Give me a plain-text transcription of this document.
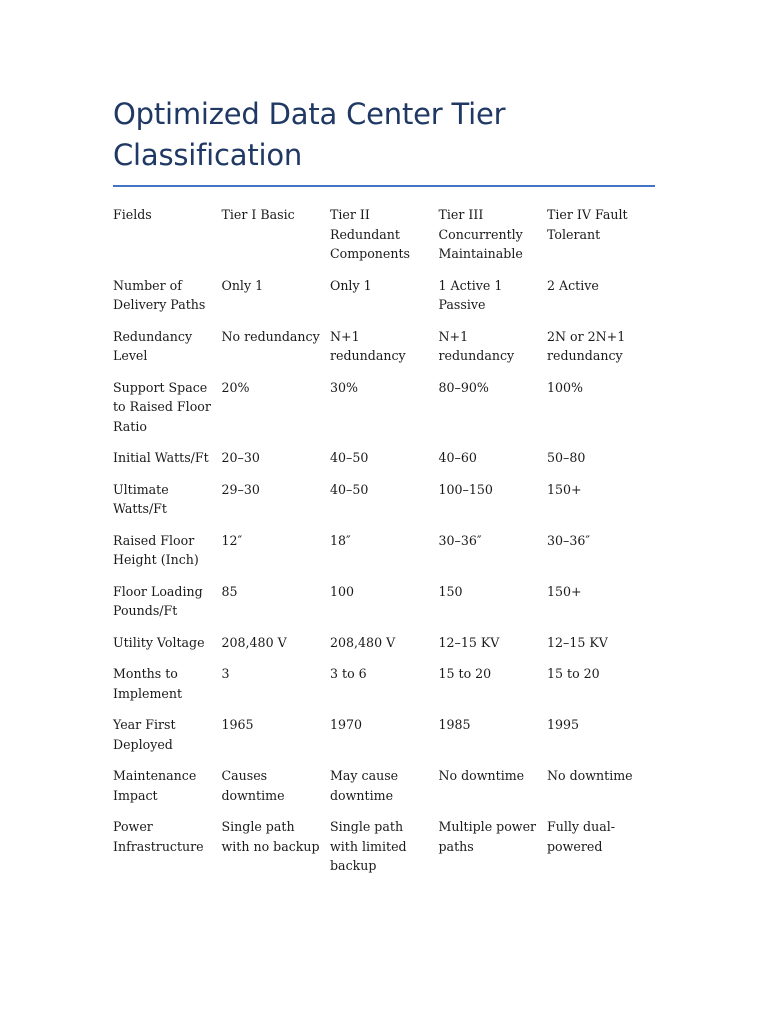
Optimized Data Center Tier Classification
Fields	Tier I Basic	Tier II Redundant Components	Tier III Concurrently Maintainable	Tier IV Fault Tolerant
Number of Delivery Paths	Only 1	Only 1	1 Active 1 Passive	2 Active
Redundancy Level	No redundancy	N+1 redundancy	N+1 redundancy	2N or 2N+1 redundancy
Support Space to Raised Floor Ratio	20%	30%	80–90%	100%
Initial Watts/Ft	20–30	40–50	40–60	50–80
Ultimate Watts/Ft	29–30	40–50	100–150	150+
Raised Floor Height (Inch)	12″	18″	30–36″	30–36″
Floor Loading Pounds/Ft	85	100	150	150+
Utility Voltage	208,480 V	208,480 V	12–15 KV	12–15 KV
Months to Implement	3	3 to 6	15 to 20	15 to 20
Year First Deployed	1965	1970	1985	1995
Maintenance Impact	Causes downtime	May cause downtime	No downtime	No downtime
Power Infrastructure	Single path with no backup	Single path with limited backup	Multiple power paths	Fully dual-powered
